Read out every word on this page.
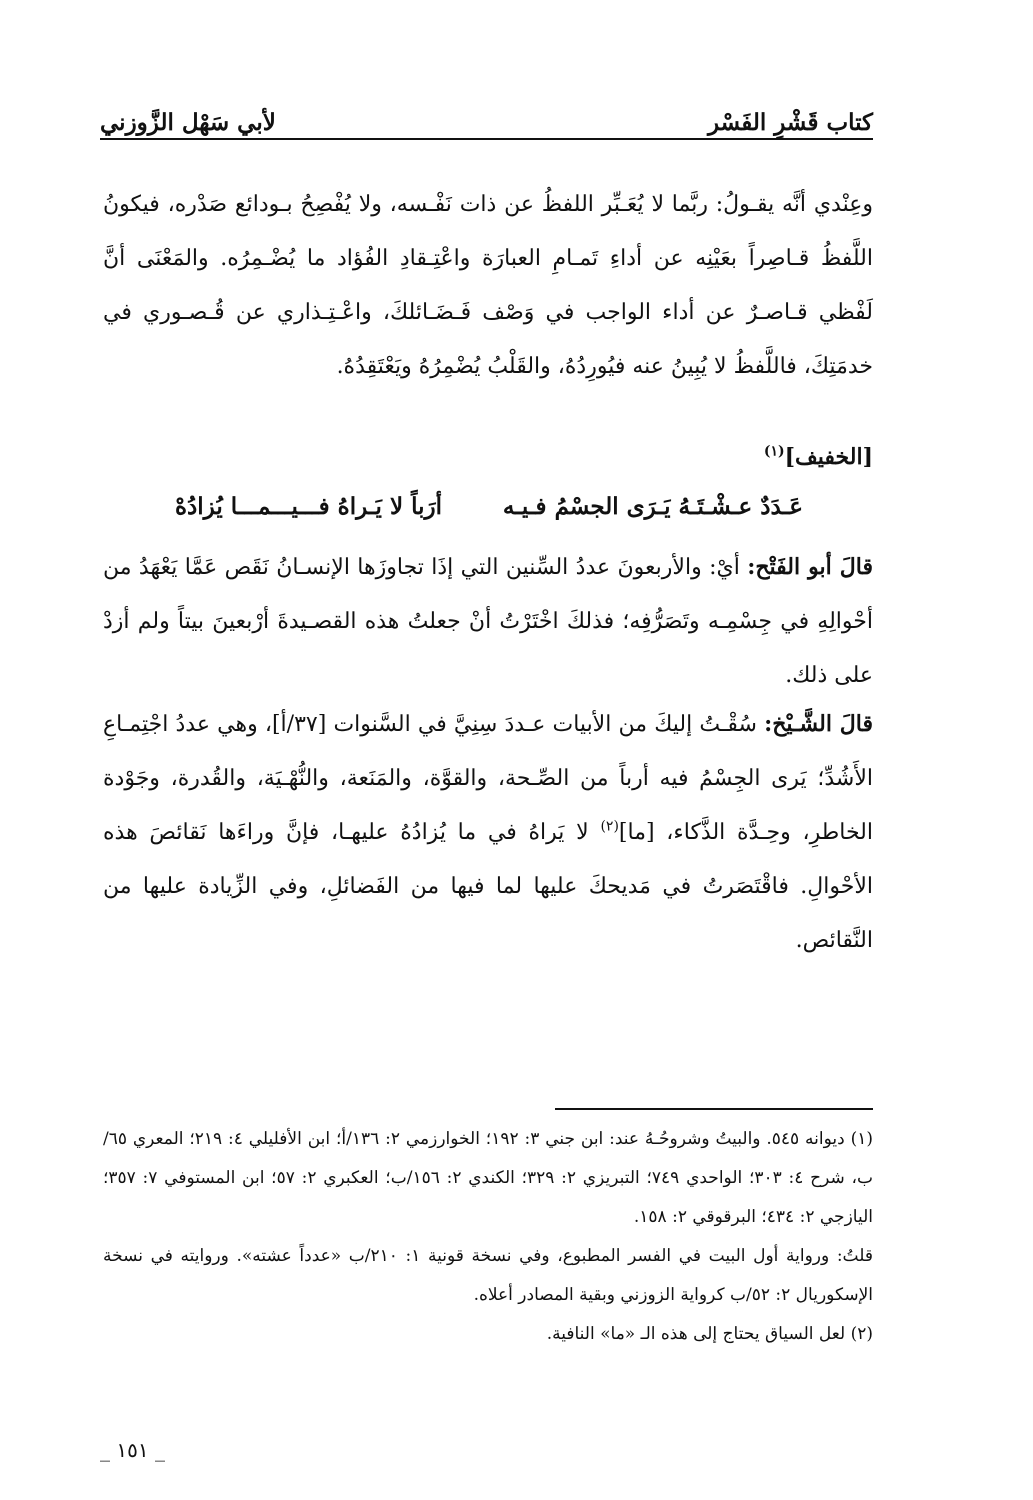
لأبي سَهْل الزَّوزني	كتاب قَشْرِ الفَسْر

وعِنْدي أنَّه يقـولُ: ربَّما لا يُعَـبِّر اللفظُ عن ذات نَفْـسه، ولا يُفْصِحُ بـودائع صَدْره، فيكونُ اللَّفظُ قـاصِراً بعَيْنِه عن أداءِ تَمـامِ العبارَة واعْتِـقادِ الفُؤاد ما يُضْـمِرُه. والمَعْنَى أنَّ لَفْظي قـاصـرٌ عن أداء الواجب في وَصْف فَـضَـائلكَ، واعْـتِـذاري عن قُـصـوري في خدمَتِكَ، فاللَّفظُ لا يُبِينُ عنه فيُورِدُهُ، والقَلْبُ يُضْمِرُهُ ويَعْتَقِدُهُ.

[الخفيف]$^{(١)}$
عَـدَدٌ عـشْـتَـهُ يَـرَى الجسْمُ فـيـه
أرَباً لا يَـراهُ فـــيـــمـــا يُزادُهْ

قالَ أبو الفَتْح: أيْ: والأربعونَ عددُ السِّنين التي إذَا تجاوزَها الإنسـانُ نَقَص عَمَّا يَعْهَدُ من أحْوالِهِ في جِسْمِـه وتَصَرُّفِه؛ فذلكَ اخْتَرْتُ أنْ جعلتُ هذه القصـيدةَ أرْبعينَ بيتاً ولم أزدْ على ذلك.

قالَ الشَّـيْخ: سُقْـتُ إليكَ من الأبيات عـددَ سِنِيَّ في السَّنوات [٣٧/أ]، وهي عددُ اجْتِمـاعِ الأَشُدِّ؛ يَرى الجِسْمُ فيه أرباً من الصِّـحة، والقوَّة، والمَنَعة، والنُّهْـيَة، والقُدرة، وجَوْدة الخاطرِ، وحِـدَّة الذَّكاء، [ما]$^{(٢)}$ لا يَراهُ في ما يُزادُهُ عليهـا، فإنَّ وراءَها نَقائصَ هذه الأحْوالِ. فاقْتَصَرتُ في مَديحكَ عليها لما فيها من الفَضائلِ، وفي الزِّيادة عليها من النَّقائص.

(١) ديوانه ٥٤٥. والبيتُ وشروحُـهُ عند: ابن جني ٣: ١٩٢؛ الخوارزمي ٢: ١٣٦/أ؛ ابن الأفليلي ٤: ٢١٩؛ المعري ٦٥/ب، شرح ٤: ٣٠٣؛ الواحدي ٧٤٩؛ التبريزي ٢: ٣٢٩؛ الكندي ٢: ١٥٦/ب؛ العكبري ٢: ٥٧؛ ابن المستوفي ٧: ٣٥٧؛ اليازجي ٢: ٤٣٤؛ البرقوقي ٢: ١٥٨.

قلتُ: ورواية أول البيت في الفسر المطبوع، وفي نسخة قونية ١: ٢١٠/ب «عدداً عشته». وروايته في نسخة الإسكوريال ٢: ٥٢/ب كرواية الزوزني وبقية المصادر أعلاه.

(٢) لعل السياق يحتاج إلى هذه الـ «ما» النافية.

_ ١٥١ _
